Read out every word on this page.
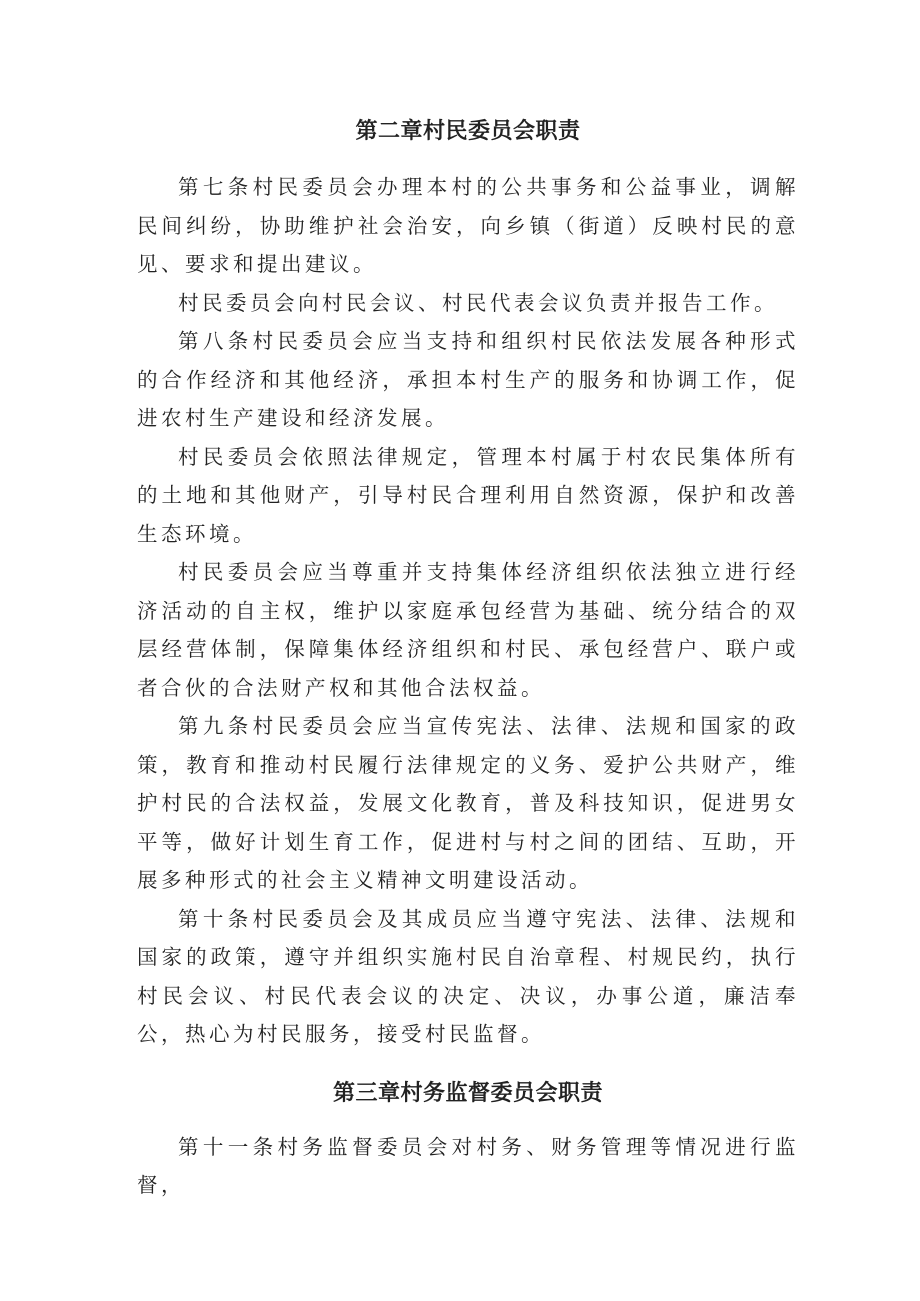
第二章村民委员会职责

第七条村民委员会办理本村的公共事务和公益事业，调解民间纠纷，协助维护社会治安，向乡镇（街道）反映村民的意见、要求和提出建议。

村民委员会向村民会议、村民代表会议负责并报告工作。

第八条村民委员会应当支持和组织村民依法发展各种形式的合作经济和其他经济，承担本村生产的服务和协调工作，促进农村生产建设和经济发展。

村民委员会依照法律规定，管理本村属于村农民集体所有的土地和其他财产，引导村民合理利用自然资源，保护和改善生态环境。

村民委员会应当尊重并支持集体经济组织依法独立进行经济活动的自主权，维护以家庭承包经营为基础、统分结合的双层经营体制，保障集体经济组织和村民、承包经营户、联户或者合伙的合法财产权和其他合法权益。

第九条村民委员会应当宣传宪法、法律、法规和国家的政策，教育和推动村民履行法律规定的义务、爱护公共财产，维护村民的合法权益，发展文化教育，普及科技知识，促进男女平等，做好计划生育工作，促进村与村之间的团结、互助，开展多种形式的社会主义精神文明建设活动。

第十条村民委员会及其成员应当遵守宪法、法律、法规和国家的政策，遵守并组织实施村民自治章程、村规民约，执行村民会议、村民代表会议的决定、决议，办事公道，廉洁奉公，热心为村民服务，接受村民监督。

第三章村务监督委员会职责

第十一条村务监督委员会对村务、财务管理等情况进行监督，
